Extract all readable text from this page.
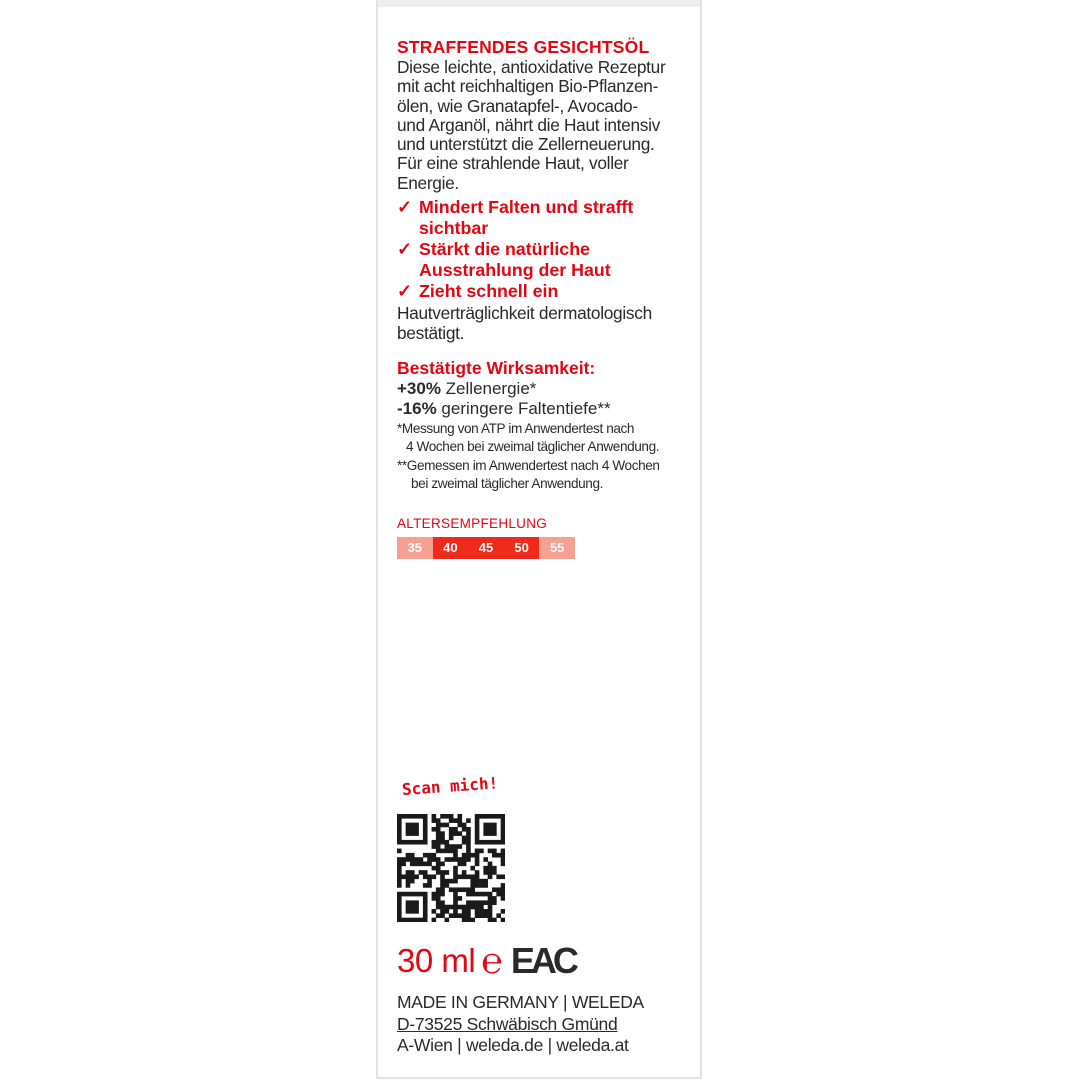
STRAFFENDES GESICHTSÖL

Diese leichte, antioxidative Rezeptur
mit acht reichhaltigen Bio-Pflanzen-
ölen, wie Granatapfel-, Avocado-
und Arganöl, nährt die Haut intensiv
und unterstützt die Zellerneuerung.
Für eine strahlende Haut, voller
Energie.

✓ Mindert Falten und strafft
sichtbar
✓ Stärkt die natürliche
Ausstrahlung der Haut
✓ Zieht schnell ein

Hautverträglichkeit dermatologisch
bestätigt.

Bestätigte Wirksamkeit:

+30% Zellenergie*

-16% geringere Faltentiefe**

*Messung von ATP im Anwendertest nach
4 Wochen bei zweimal täglicher Anwendung.

**Gemessen im Anwendertest nach 4 Wochen
bei zweimal täglicher Anwendung.

ALTERSEMPFEHLUNG
35	40	45	50	55
Scan mich!
30 ml ℮ EAC
MADE IN GERMANY | WELEDA
D-73525 Schwäbisch Gmünd
A-Wien | weleda.de | weleda.at
